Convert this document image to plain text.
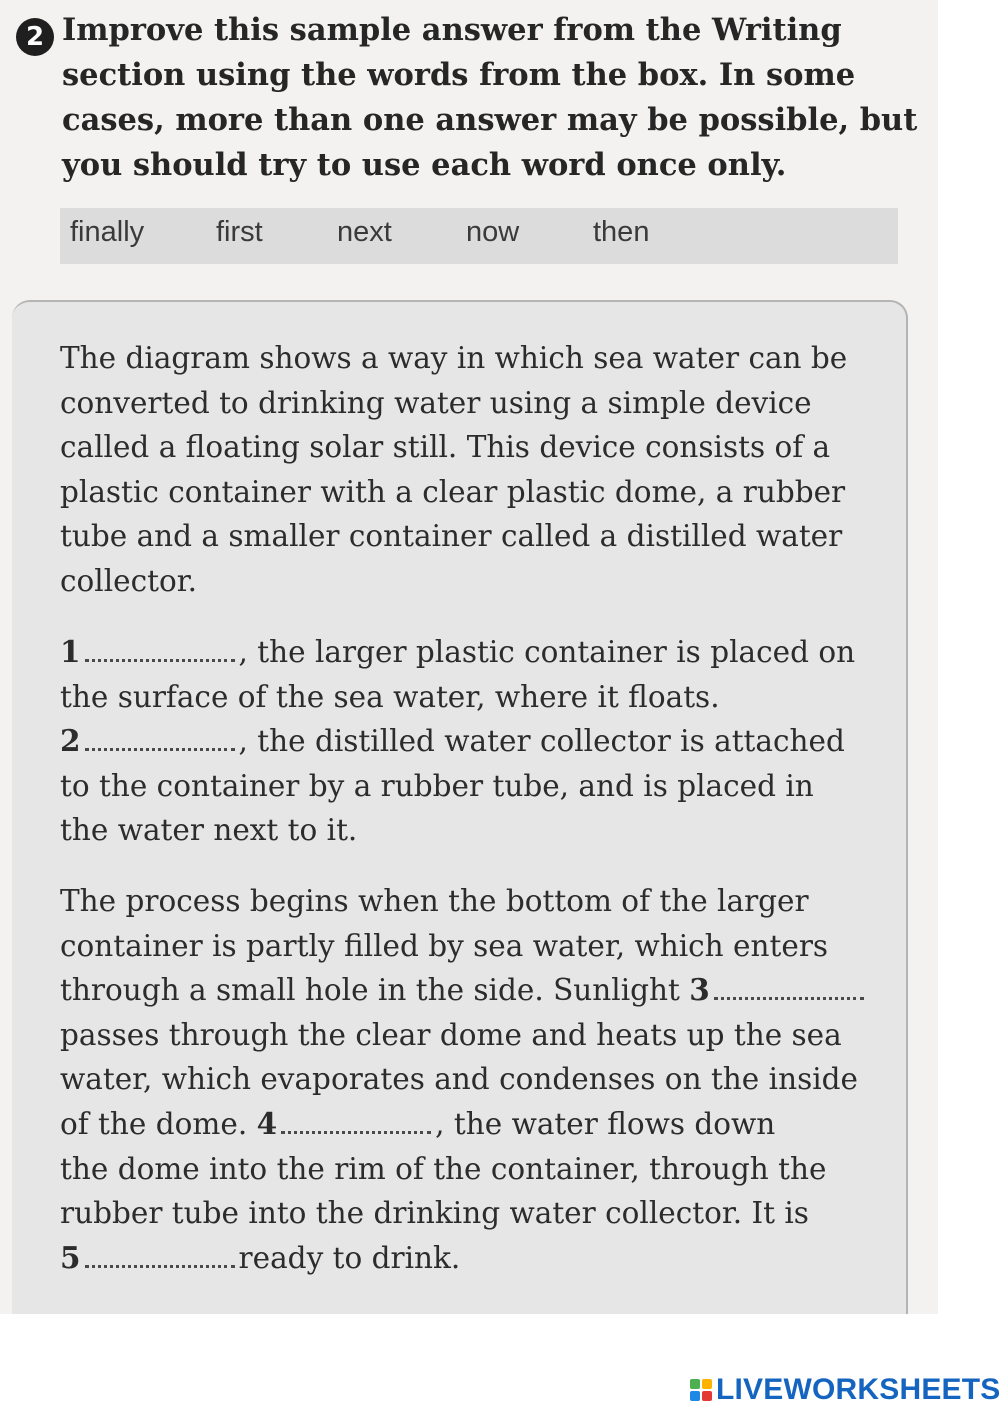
2 Improve this sample answer from the Writing
section using the words from the box. In some
cases, more than one answer may be possible, but
you should try to use each word once only.

finally first	next	now	then
The diagram shows a way in which sea water can be
converted to drinking water using a simple device
called a floating solar still. This device consists of a
plastic container with a clear plastic dome, a rubber
tube and a smaller container called a distilled water
collector.
1	, the larger plastic container is placed on
the surface of the sea water, where it floats.
2	, the distilled water collector is attached
to the container by a rubber tube, and is placed in
the water next to it.
The process begins when the bottom of the larger
container is partly filled by sea water, which enters
through a small hole in the side. Sunlight 3
passes through the clear dome and heats up the sea
water, which evaporates and condenses on the inside
of the dome. 4	, the water flows down
the dome into the rim of the container, through the
rubber tube into the drinking water collector. It is
5	ready to drink.
LIVEWORKSHEETS
